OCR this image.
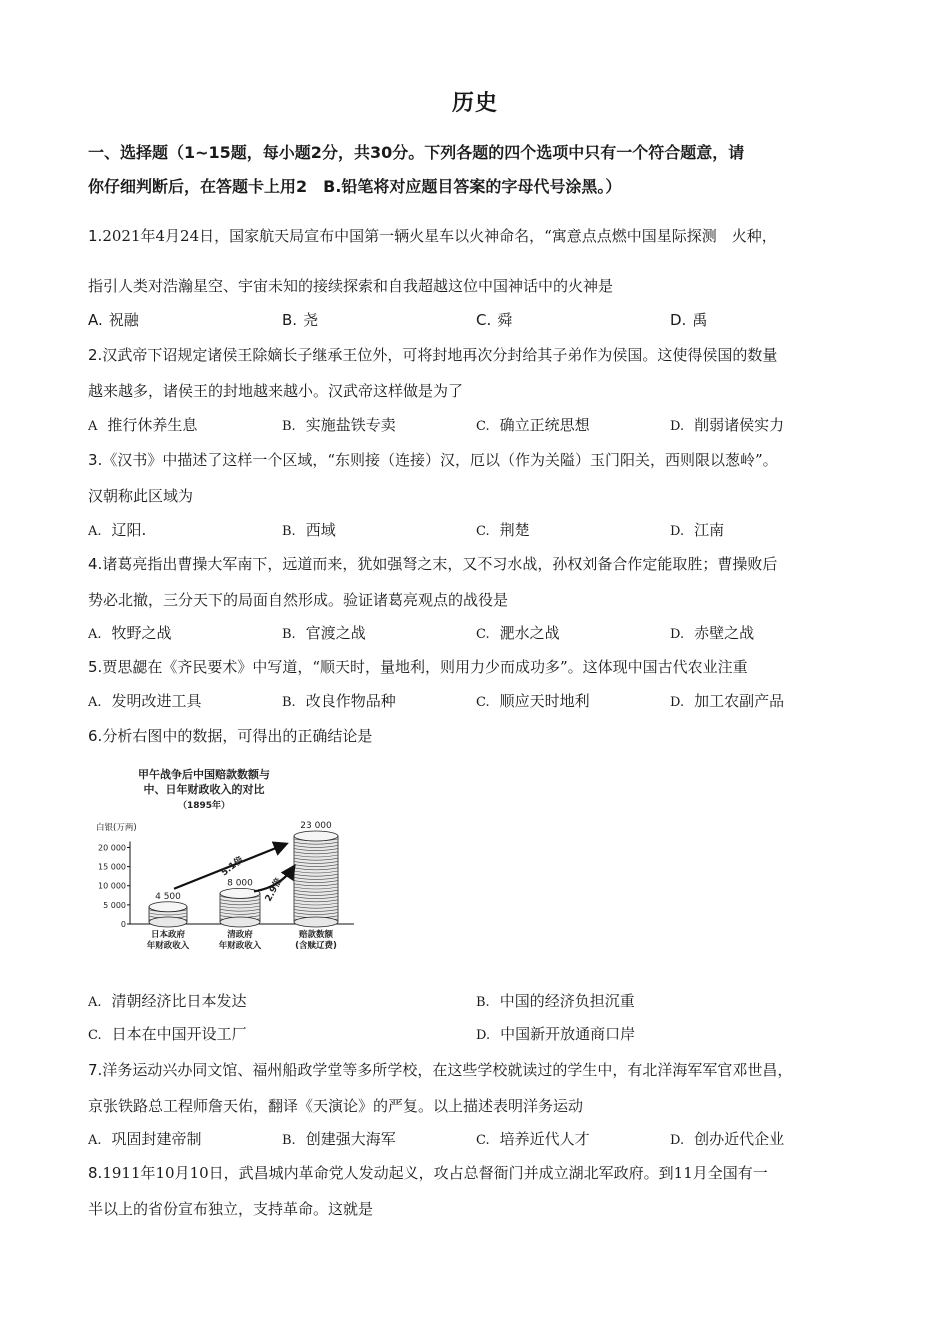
历史
一、选择题（1~15题，每小题2分，共30分。下列各题的四个选项中只有一个符合题意，请
你仔细判断后，在答题卡上用2　B.铅笔将对应题目答案的字母代号涂黑。）
1.2021年4月24日，国家航天局宣布中国第一辆火星车以火神命名，“寓意点点燃中国星际探测　火种，
指引人类对浩瀚星空、宇宙未知的接续探索和自我超越这位中国神话中的火神是
A. 祝融	B. 尧	C. 舜	D. 禹
2.汉武帝下诏规定诸侯王除嫡长子继承王位外，可将封地再次分封给其子弟作为侯国。这使得侯国的数量
越来越多，诸侯王的封地越来越小。汉武帝这样做是为了
A 推行休养生息	B. 实施盐铁专卖	C. 确立正统思想	D. 削弱诸侯实力
3.《汉书》中描述了这样一个区域，“东则接（连接）汉，厄以（作为关隘）玉门阳关，西则限以葱岭”。
汉朝称此区域为
A. 辽阳.	B. 西域	C. 荆楚	D. 江南
4.诸葛亮指出曹操大军南下，远道而来，犹如强弩之末，又不习水战，孙权刘备合作定能取胜；曹操败后
势必北撤，三分天下的局面自然形成。验证诸葛亮观点的战役是
A. 牧野之战	B. 官渡之战	C. 淝水之战	D. 赤壁之战
5.贾思勰在《齐民要术》中写道，“顺天时，量地利，则用力少而成功多”。这体现中国古代农业注重
A. 发明改进工具	B. 改良作物品种	C. 顺应天时地利	D. 加工农副产品
6.分析右图中的数据，可得出的正确结论是
甲午战争后中国赔款数额与
中、日年财政收入的对比
（1895年）
白银(万两)
0
5 000
10 000
15 000
20 000
4 500
日本政府
年财政收入
8 000
清政府
年财政收入
23 000
赔款数额
(含赎辽费)
5.1倍
2.9倍
A. 清朝经济比日本发达	B. 中国的经济负担沉重
C. 日本在中国开设工厂	D. 中国新开放通商口岸
7.洋务运动兴办同文馆、福州船政学堂等多所学校，在这些学校就读过的学生中，有北洋海军军官邓世昌，
京张铁路总工程师詹天佑，翻译《天演论》的严复。以上描述表明洋务运动
A. 巩固封建帝制	B. 创建强大海军	C. 培养近代人才	D. 创办近代企业
8.1911年10月10日，武昌城内革命党人发动起义，攻占总督衙门并成立湖北军政府。到11月全国有一
半以上的省份宣布独立，支持革命。这就是
